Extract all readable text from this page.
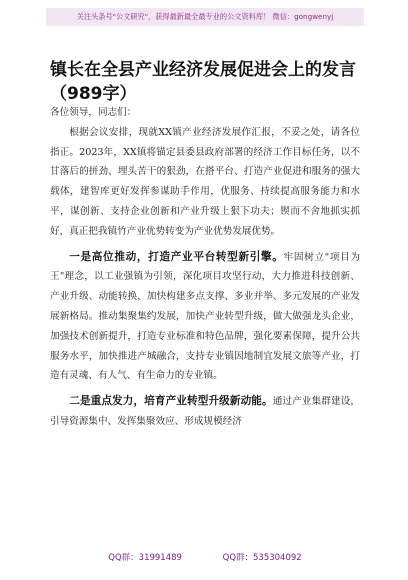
关注头条号"公文研究"，获得最新最全最专业的公文资料库！ 微信：gongwenyj
镇长在全县产业经济发展促进会上的发言（989字）

各位领导，同志们：

根据会议安排，现就XX镇产业经济发展作汇报，不妥之处，请各位指正。2023年，XX镇将锚定县委县政府部署的经济工作目标任务，以不甘落后的拼劲、埋头苦干的狠劲，在搭平台、打造产业促进和服务的强大载体，建智库更好发挥参谋助手作用，优服务、持续提高服务能力和水平，谋创新、支持企业创新和产业升级上狠下功夫；锲而不舍地抓实抓好，真正把我镇竹产业优势转变为产业优势发展优势。

一是高位推动，打造产业平台转型新引擎。牢固树立"项目为王"理念，以工业强镇为引领，深化项目攻坚行动，大力推进科技创新、产业升级、动能转换，加快构建多点支撑、多业并举、多元发展的产业发展新格局。推动集聚集约发展，加快产业转型升级，做大做强龙头企业，加强技术创新提升，打造专业标准和特色品牌，强化要素保障，提升公共服务水平，加快推进产城融合，支持专业镇因地制宜发展文旅等产业，打造有灵魂、有人气、有生命力的专业镇。

二是重点发力，培育产业转型升级新动能。通过产业集群建设，引导资源集中、发挥集聚效应、形成规模经济

QQ群：31991489	QQ群：535304092
